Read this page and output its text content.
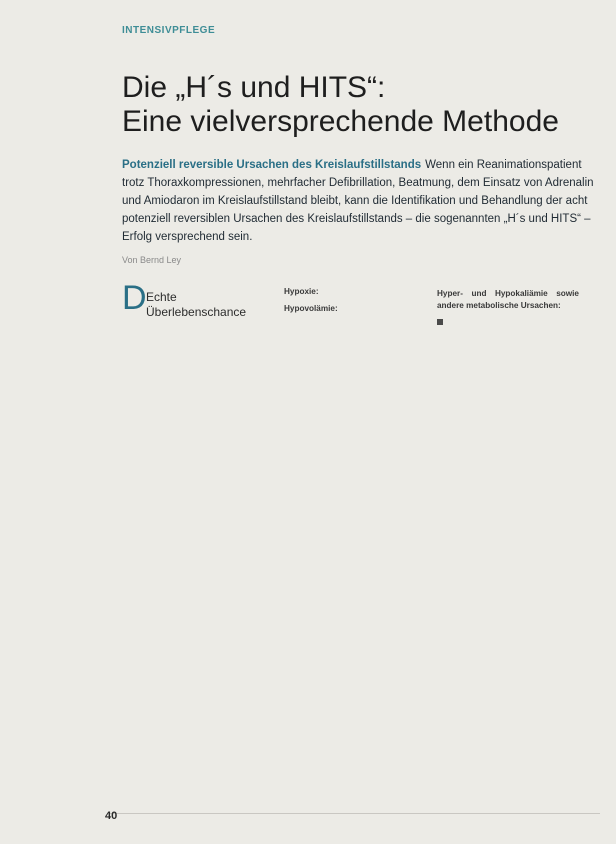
INTENSIVPFLEGE
Die „H´s und HITS“:
Eine vielversprechende Methode

Potenziell reversible Ursachen des Kreislaufstillstands Wenn ein Reanimationspatient trotz Thoraxkompressionen, mehrfacher Defibrillation, Beatmung, dem Einsatz von Adrenalin und Amiodaron im Kreislaufstillstand bleibt, kann die Identifikation und Behandlung der acht potenziell reversiblen Ursachen des Kreislaufstillstands – die sogenannten „H´s und HITS“ – Erfolg versprechend sein.

Von Bernd Ley

D Echte Überlebenschance

Hypoxie:

Hypovolämie:

Hyper- und Hypokaliämie sowie andere metabolische Ursachen:

40
